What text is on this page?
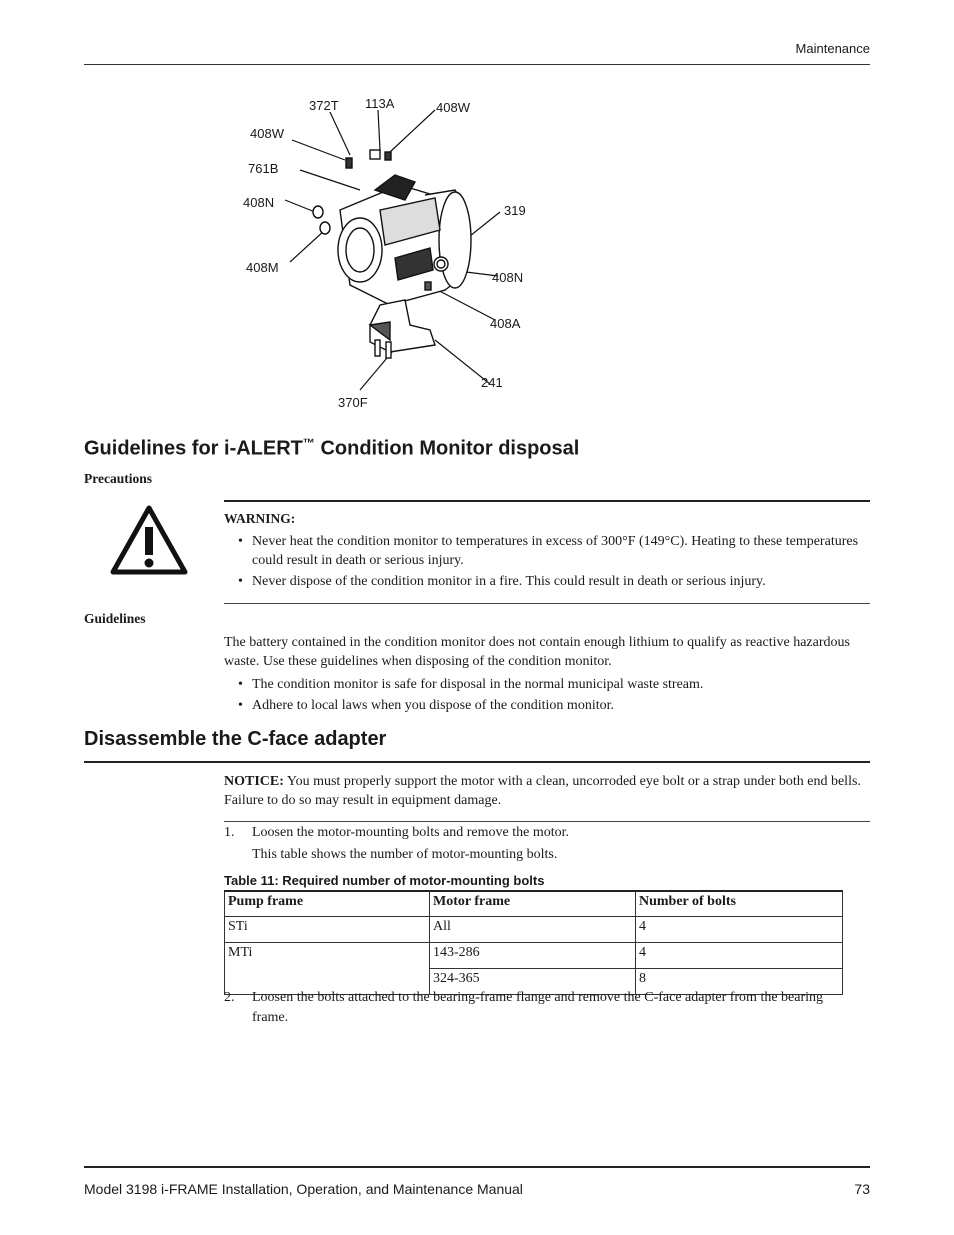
Maintenance
372T 113A	408W
408W
761B
408N
408M
319
408N
408A
241
370F
Guidelines for i-ALERT™ Condition Monitor disposal
Precautions
WARNING:
• Never heat the condition monitor to temperatures in excess of 300°F (149°C). Heating to these temperatures could result in death or serious injury.
• Never dispose of the condition monitor in a fire. This could result in death or serious injury.
Guidelines

The battery contained in the condition monitor does not contain enough lithium to qualify as reactive hazardous waste. Use these guidelines when disposing of the condition monitor.

• The condition monitor is safe for disposal in the normal municipal waste stream.
• Adhere to local laws when you dispose of the condition monitor.
Disassemble the C-face adapter

NOTICE: You must properly support the motor with a clean, uncorroded eye bolt or a strap under both end bells. Failure to do so may result in equipment damage.

1. Loosen the motor-mounting bolts and remove the motor.
This table shows the number of motor-mounting bolts.
Table 11: Required number of motor-mounting bolts
Pump frame	Motor frame	Number of bolts
STi	All	4
MTi	143-286	4
	324-365	8
2. Loosen the bolts attached to the bearing-frame flange and remove the C-face adapter from the bearing frame.
Model 3198 i-FRAME Installation, Operation, and Maintenance Manual	73
